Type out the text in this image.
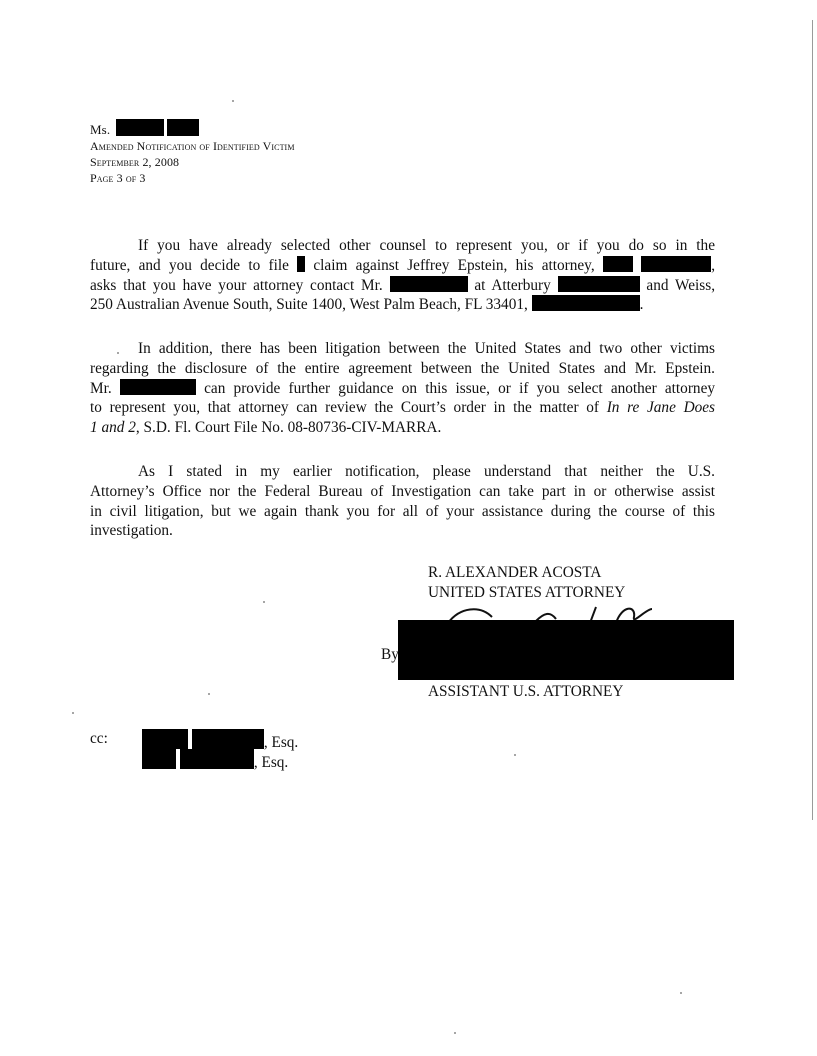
Ms.
Amended Notification of Identified Victim
September 2, 2008
Page 3 of 3
If you have already selected other counsel to represent you, or if you do so in the
future, and you decide to file claim against Jeffrey Epstein, his attorney,	,
asks that you have your attorney contact Mr.	at Atterbury	and Weiss,
250 Australian Avenue South, Suite 1400, West Palm Beach, FL 33401,	.
In addition, there has been litigation between the United States and two other victims
regarding the disclosure of the entire agreement between the United States and Mr. Epstein.
Mr.	can provide further guidance on this issue, or if you select another attorney
to represent you, that attorney can review the Court’s order in the matter of In re Jane Does
1 and 2, S.D. Fl. Court File No. 08-80736-CIV-MARRA.
As I stated in my earlier notification, please understand that neither the U.S.
Attorney’s Office nor the Federal Bureau of Investigation can take part in or otherwise assist
in civil litigation, but we again thank you for all of your assistance during the course of this
investigation.
R. ALEXANDER ACOSTA
UNITED STATES ATTORNEY
By
ASSISTANT U.S. ATTORNEY
cc:	, Esq.
, Esq.
